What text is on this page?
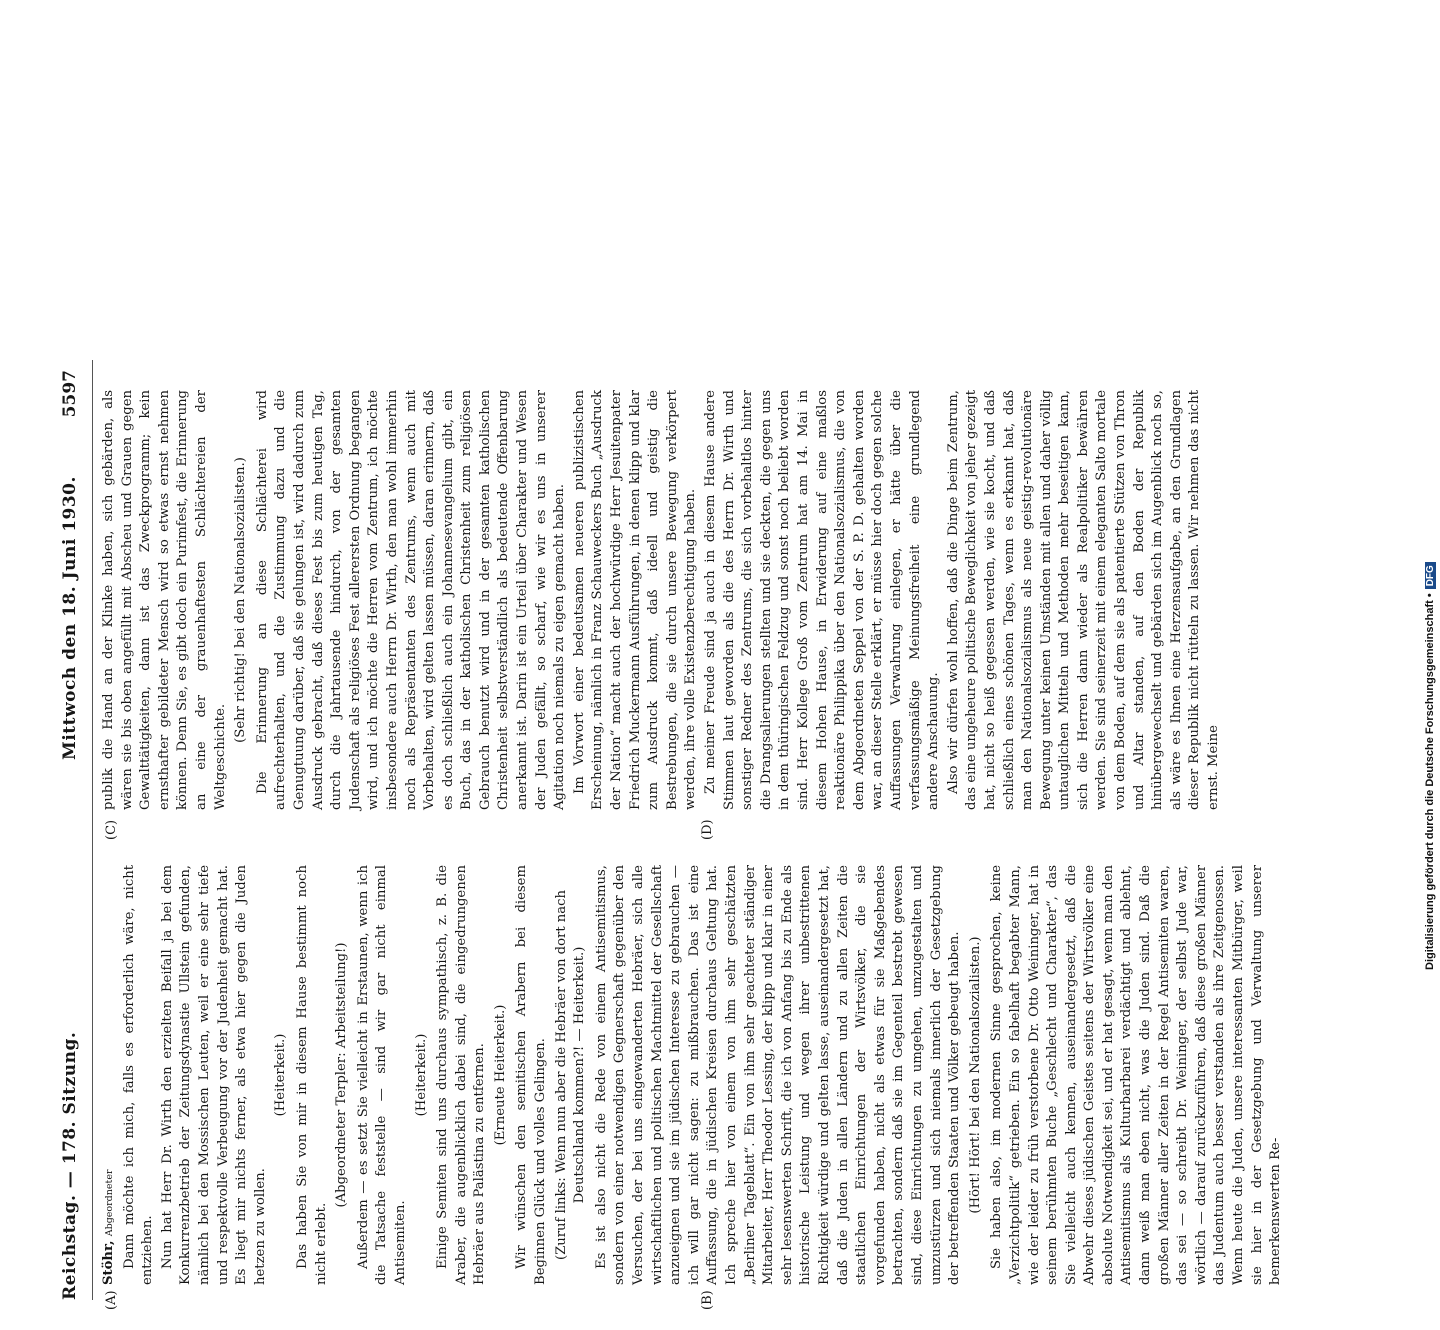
Reichstag. — 178. Sitzung.
Mittwoch den 18. Juni 1930.
5597
(A)	(B)
(C)	(D)

Stöhr, Abgeordneter Dann möchte ich mich, falls es erforderlich wäre, nicht entziehen. Nun hat Herr Dr. Wirth den erzielten Beifall ja bei dem Konkurrenzbetrieb der Zeitungsdynastie Ullstein gefunden, nämlich bei den Mossischen Leuten, weil er eine sehr tiefe und respektvolle Verbeugung vor der Judenheit gemacht hat. Es liegt mir nichts ferner, als etwa hier gegen die Juden hetzen zu wollen.

(Heiterkeit.) Das haben Sie von mir in diesem Hause bestimmt noch nicht erlebt.

(Abgeordneter Terpler: Arbeitsteilung!) Außerdem — es setzt Sie vielleicht in Erstaunen, wenn ich die Tatsache feststelle — sind wir gar nicht einmal Antisemiten.

(Heiterkeit.) Einige Semiten sind uns durchaus sympathisch, z. B. die Araber, die augenblicklich dabei sind, die eingedrungenen Hebräer aus Palästina zu entfernen. (Erneute Heiterkeit.) Wir wünschen den semitischen Arabern bei diesem Beginnen Glück und volles Gelingen. (Zuruf links: Wenn nun aber die Hebräer von dort nach Deutschland kommen?! — Heiterkeit.) Es ist also nicht die Rede von einem Antisemitismus, sondern von einer notwendigen Gegnerschaft gegenüber den Versuchen, der bei uns eingewanderten Hebräer, sich alle wirtschaftlichen und politischen Machtmittel der Gesellschaft anzueignen und sie im jüdischen Interesse zu gebrauchen — ich will gar nicht sagen: zu mißbrauchen. Das ist eine Auffassung, die in jüdischen Kreisen durchaus Geltung hat. Ich spreche hier von einem von ihm sehr geschätzten „Berliner Tageblatt“. Ein von ihm sehr geachteter ständiger Mitarbeiter, Herr Theodor Lessing, der klipp und klar in einer sehr lesenswerten Schrift, die ich von Anfang bis zu Ende als historische Leistung und wegen ihrer unbestrittenen Richtigkeit würdige und gelten lasse, auseinandergesetzt hat, daß die Juden in allen Ländern und zu allen Zeiten die staatlichen Einrichtungen der Wirtsvölker, die sie vorgefunden haben, nicht als etwas für sie Maßgebendes betrachten, sondern daß sie im Gegenteil bestrebt gewesen sind, diese Einrichtungen zu umgehen, umzugestalten und umzustürzen und sich niemals innerlich der Gesetzgebung der betreffenden Staaten und Völker gebeugt haben. (Hört! Hört! bei den Nationalsozialisten.) Sie haben also, im modernen Sinne gesprochen, keine „Verzichtpolitik“ getrieben. Ein so fabelhaft begabter Mann, wie der leider zu früh verstorbene Dr. Otto Weininger, hat in seinem berühmten Buche „Geschlecht und Charakter“, das Sie vielleicht auch kennen, auseinandergesetzt, daß die Abwehr dieses jüdischen Geistes seitens der Wirtsvölker eine absolute Notwendigkeit sei, und er hat gesagt, wenn man den Antisemitismus als Kulturbarbarei verdächtigt und ablehnt, dann weiß man eben nicht, was die Juden sind. Daß die großen Männer aller Zeiten in der Regel Antisemiten waren, das sei — so schreibt Dr. Weininger, der selbst Jude war, wörtlich — darauf zurückzuführen, daß diese großen Männer das Judentum auch besser verstanden als ihre Zeitgenossen. Wenn heute die Juden, unsere interessanten Mitbürger, weil sie hier in der Gesetzgebung und Verwaltung unserer bemerkenswerten Re-

publik die Hand an der Klinke haben, sich gebärden, als wären sie bis oben angefüllt mit Abscheu und Grauen gegen Gewalttätigkeiten, dann ist das Zweckprogramm; kein ernsthafter gebildeter Mensch wird so etwas ernst nehmen können. Denn Sie, es gibt doch ein Purimfest, die Erinnerung an eine der grauenhaftesten Schlächtereien der Weltgeschichte.

(Sehr richtig! bei den Nationalsozialisten.) Die Erinnerung an diese Schlächterei wird aufrechterhalten, und die Zustimmung dazu und die Genugtuung darüber, daß sie gelungen ist, wird dadurch zum Ausdruck gebracht, daß dieses Fest bis zum heutigen Tag, durch die Jahrtausende hindurch, von der gesamten Judenschaft als religiöses Fest allerersten Ordnung begangen wird, und ich möchte die Herren vom Zentrum, ich möchte insbesondere auch Herrn Dr. Wirth, den man wohl immerhin noch als Repräsentanten des Zentrums, wenn auch mit Vorbehalten, wird gelten lassen müssen, daran erinnern, daß es doch schließlich auch ein Johannesevangelium gibt, ein Buch, das in der katholischen Christenheit zum religiösen Gebrauch benutzt wird und in der gesamten katholischen Christenheit selbstverständlich als bedeutende Offenbarung anerkannt ist. Darin ist ein Urteil über Charakter und Wesen der Juden gefällt, so scharf, wie wir es uns in unserer Agitation noch niemals zu eigen gemacht haben. Im Vorwort einer bedeutsamen neueren publizistischen Erscheinung, nämlich in Franz Schauweckers Buch „Ausdruck der Nation“ macht auch der hochwürdige Herr Jesuitenpater Friedrich Muckermann Ausführungen, in denen klipp und klar zum Ausdruck kommt, daß ideell und geistig die Bestrebungen, die sie durch unsere Bewegung verkörpert werden, ihre volle Existenzberechtigung haben. Zu meiner Freude sind ja auch in diesem Hause andere Stimmen laut geworden als die des Herrn Dr. Wirth und sonstiger Redner des Zentrums, die sich vorbehaltlos hinter die Drangsalierungen stellten und sie deckten, die gegen uns in dem thüringischen Feldzug und sonst noch beliebt worden sind. Herr Kollege Groß vom Zentrum hat am 14. Mai in diesem Hohen Hause, in Erwiderung auf eine maßlos reaktionäre Philippika über den Nationalsozialismus, die von dem Abgeordneten Seppel von der S. P. D. gehalten worden war, an dieser Stelle erklärt, er müsse hier doch gegen solche Auffassungen Verwahrung einlegen, er hätte über die verfassungsmäßige Meinungsfreiheit eine grundlegend andere Anschauung. Also wir dürfen wohl hoffen, daß die Dinge beim Zentrum, das eine ungeheure politische Beweglichkeit von jeher gezeigt hat, nicht so heiß gegessen werden, wie sie kocht, und daß schließlich eines schönen Tages, wenn es erkannt hat, daß man den Nationalsozialismus als neue geistig-revolutionäre Bewegung unter keinen Umständen mit allen und daher völlig untauglichen Mitteln und Methoden mehr beseitigen kann, sich die Herren dann wieder als Realpolitiker bewähren werden. Sie sind seinerzeit mit einem eleganten Salto mortale von dem Boden, auf dem sie als patentierte Stützen von Thron und Altar standen, auf den Boden der Republik hinübergewechselt und gebärden sich im Augenblick noch so, als wäre es Ihnen eine Herzensaufgabe, an den Grundlagen dieser Republik nicht rütteln zu lassen. Wir nehmen das nicht ernst. Meine	Digitalisierung gefördert durch die Deutsche Forschungsgemeinschaft •DFG
